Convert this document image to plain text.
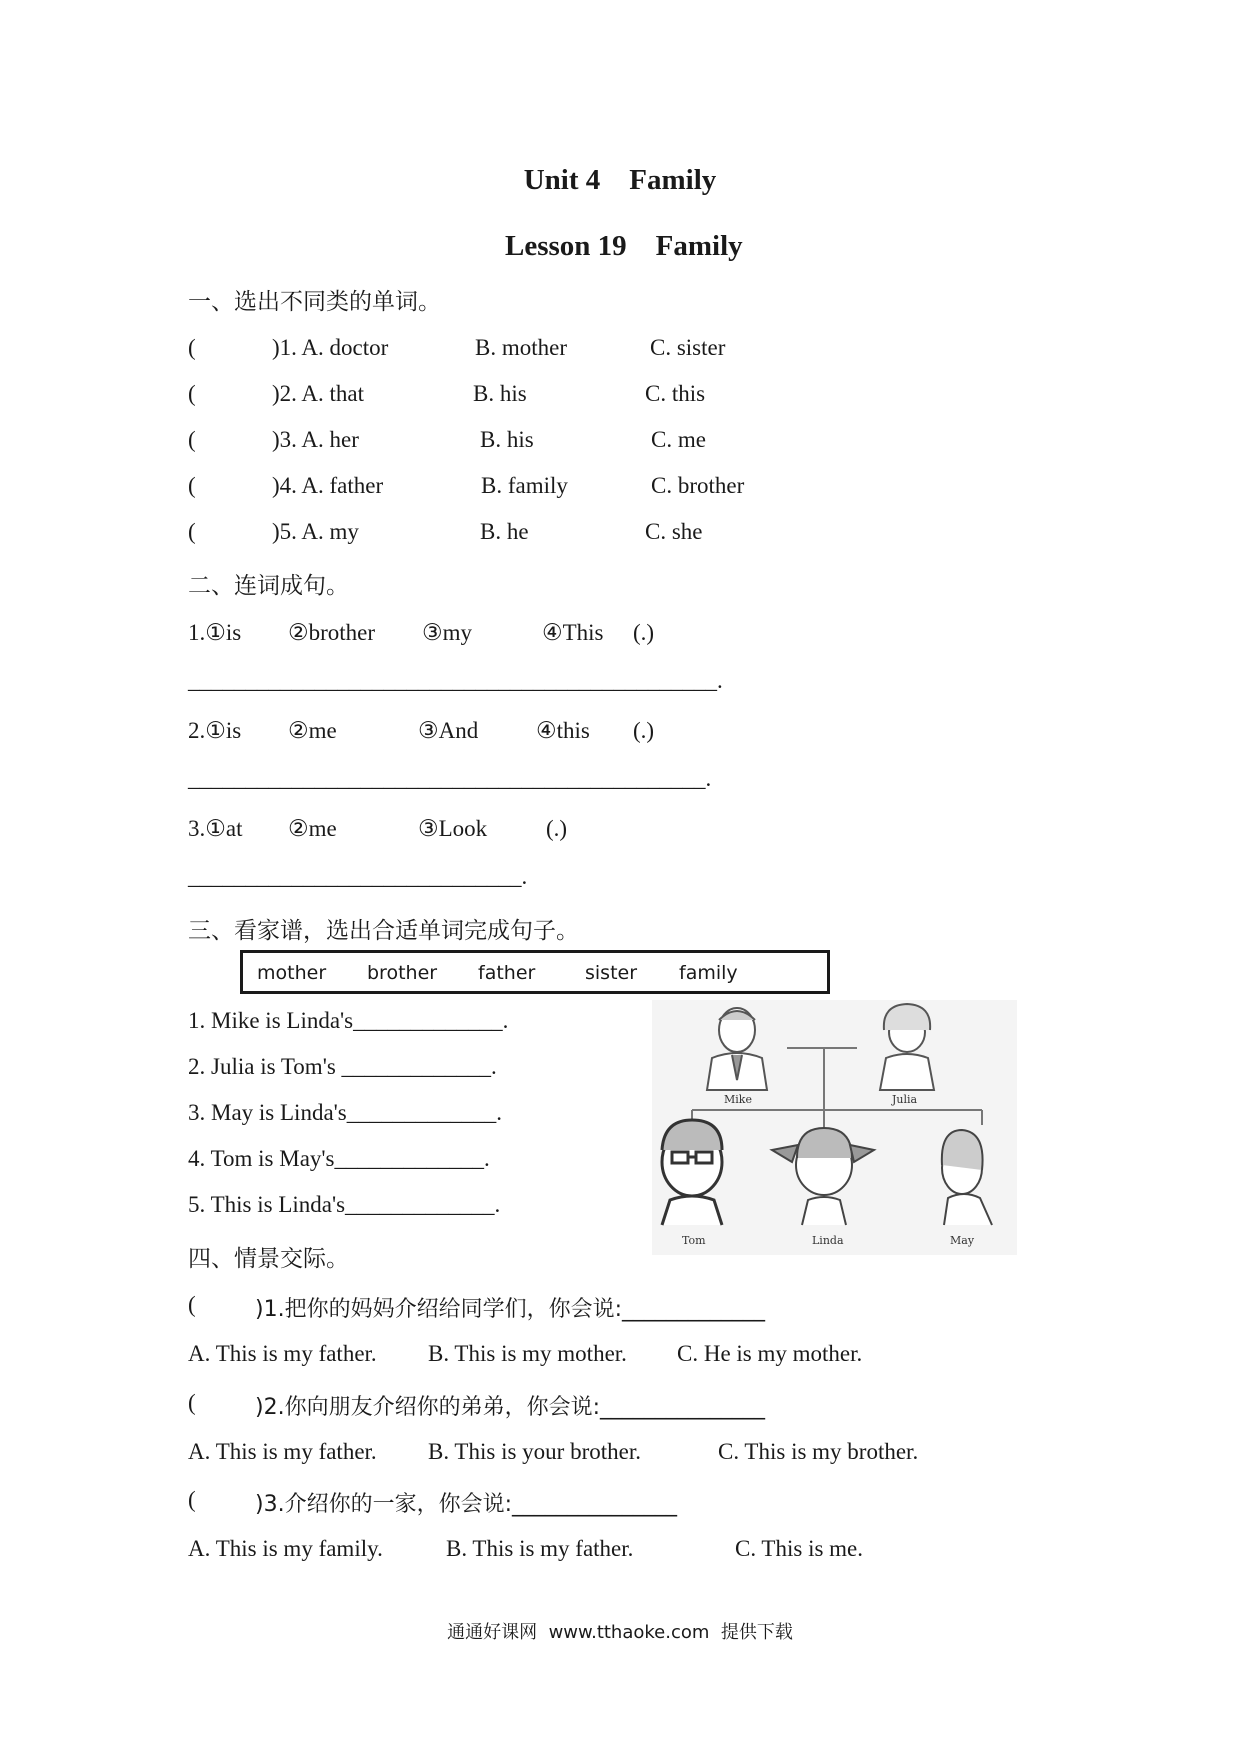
Unit 4    Family
Lesson 19    Family
一、选出不同类的单词。
(	)1. A. doctor	B. mother	C. sister
(	)2. A. that	B. his	C. this
(	)3. A. her	B. his	C. me
(	)4. A. father	B. family	C. brother
(	)5. A. my	B. he	C. she
二、连词成句。
1.①is ②brother ③my	④This (.)
______________________________________________.
2.①is ②me	③And	④this (.)
_____________________________________________.
3.①at ②me	③Look	(.)
_____________________________.
三、看家谱，选出合适单词完成句子。
mother brother father	sister family
1. Mike is Linda's_____________.
2. Julia is Tom's _____________.
3. May is Linda's_____________.
4. Tom is May's_____________.
5. This is Linda's_____________.
Mike	Julia
Tom	Linda	May
四、情景交际。
(	)1.把你的妈妈介绍给同学们，你会说:_____________
A. This is my father. B. This is my mother. C. He is my mother.
(	)2.你向朋友介绍你的弟弟，你会说:_______________
A. This is my father. B. This is your brother.	C. This is my brother.
(	)3.介绍你的一家，你会说:_______________
A. This is my family.	B. This is my father.	C. This is me.
通通好课网  www.tthaoke.com  提供下载
